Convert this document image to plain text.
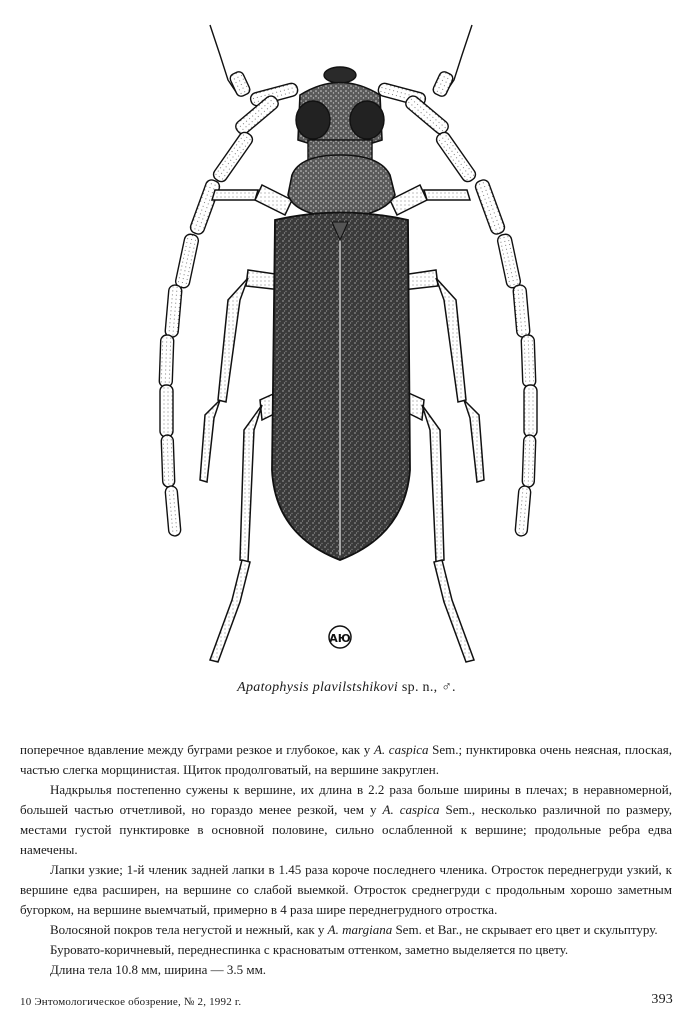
АЮ
Apatophysis plavilstshikovi sp. n., ♂.

поперечное вдавление между буграми резкое и глубокое, как у A. caspica Sem.; пунктировка очень неясная, плоская, частью слегка морщинистая. Щиток продолговатый, на вершине закруглен.

Надкрылья постепенно сужены к вершине, их длина в 2.2 раза больше ширины в плечах; в неравномерной, большей частью отчетливой, но гораздо менее резкой, чем у A. caspica Sem., несколько различной по размеру, местами густой пунктировке в основной половине, сильно ослабленной к вершине; продольные ребра едва намечены.

Лапки узкие; 1-й членик задней лапки в 1.45 раза короче последнего членика. Отросток переднегруди узкий, к вершине едва расширен, на вершине со слабой выемкой. Отросток среднегруди с продольным хорошо заметным бугорком, на вершине выемчатый, примерно в 4 раза шире переднегрудного отростка.

Волосяной покров тела негустой и нежный, как у A. margiana Sem. et Bar., не скрывает его цвет и скульптуру.

Буровато-коричневый, переднеспинка с красноватым оттенком, заметно выделяется по цвету.

Длина тела 10.8 мм, ширина — 3.5 мм.

10 Энтомологическое обозрение, № 2, 1992 г.	393
